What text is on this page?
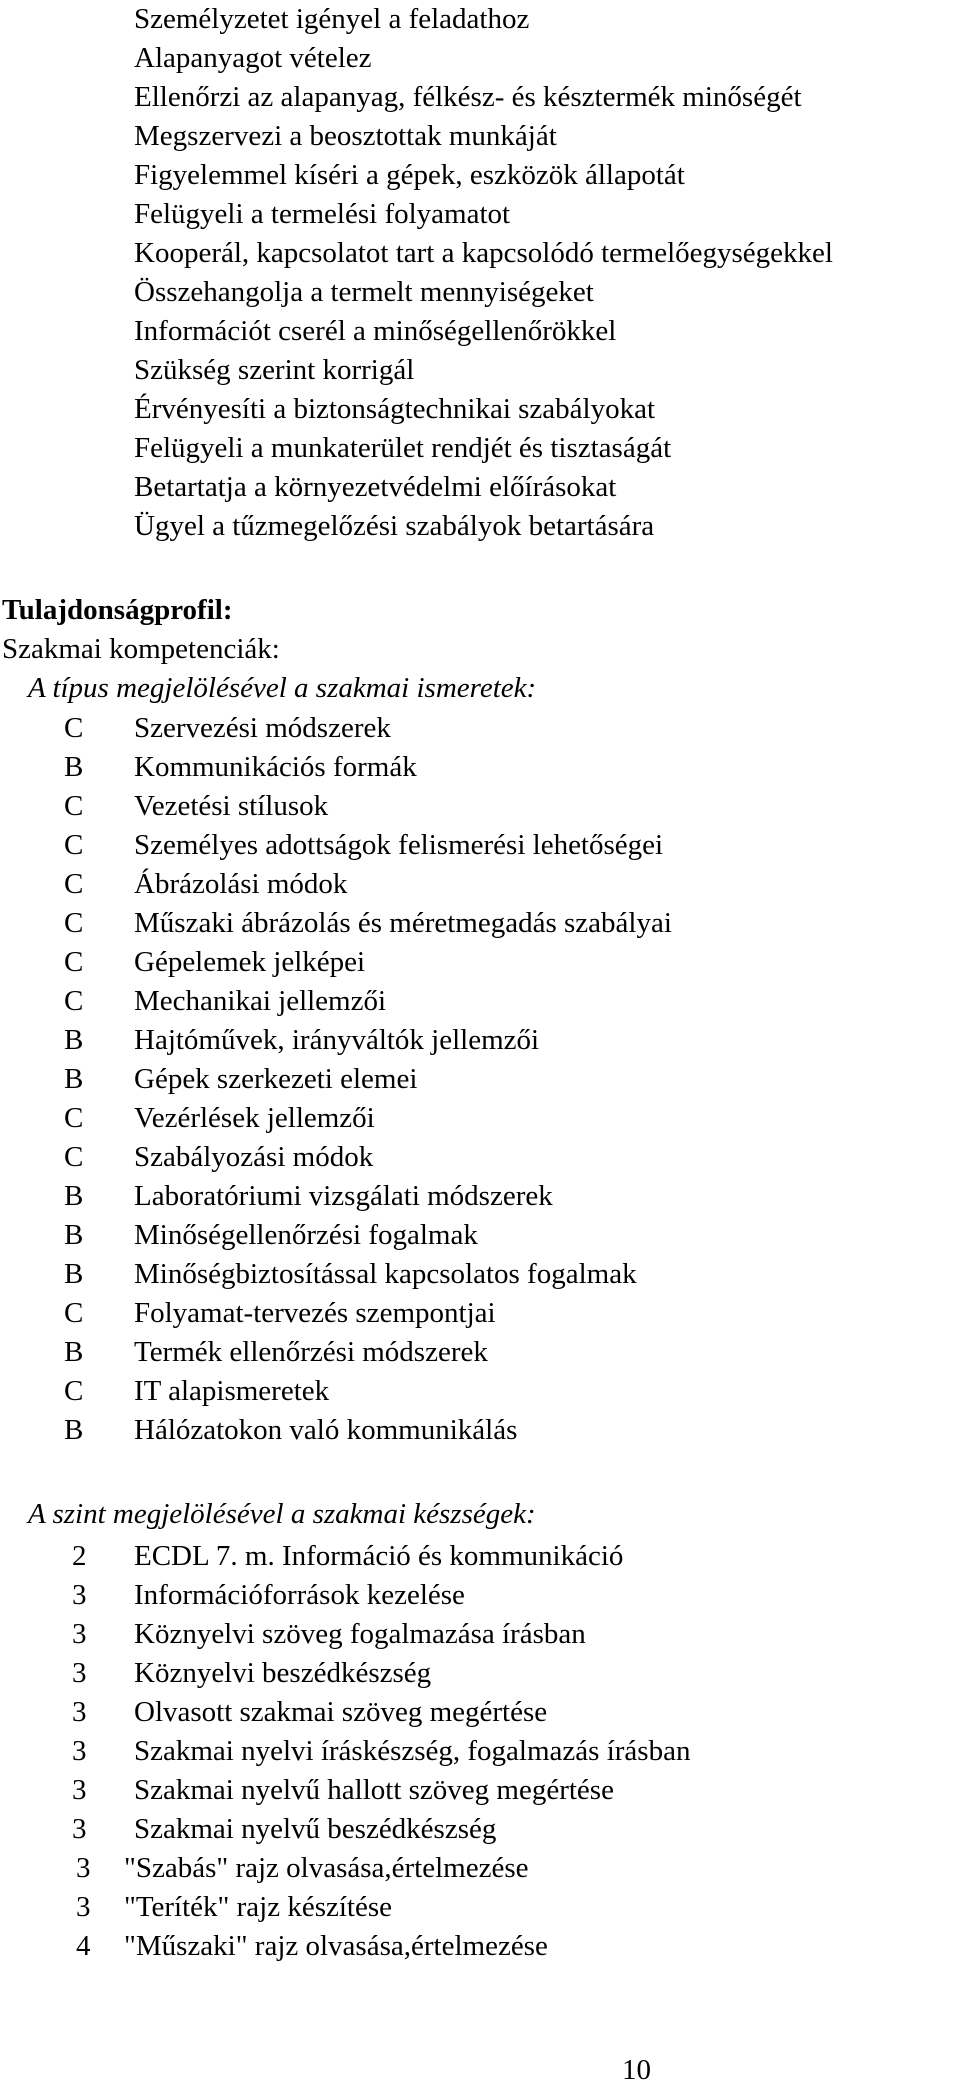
Személyzetet igényel a feladathoz
Alapanyagot vételez
Ellenőrzi az alapanyag, félkész- és késztermék minőségét
Megszervezi a beosztottak munkáját
Figyelemmel kíséri a gépek, eszközök állapotát
Felügyeli a termelési folyamatot
Kooperál, kapcsolatot tart a kapcsolódó termelőegységekkel
Összehangolja a termelt mennyiségeket
Információt cserél a minőségellenőrökkel
Szükség szerint korrigál
Érvényesíti a biztonságtechnikai szabályokat
Felügyeli a munkaterület rendjét és tisztaságát
Betartatja a környezetvédelmi előírásokat
Ügyel a tűzmegelőzési szabályok betartására
Tulajdonságprofil:
Szakmai kompetenciák:
A típus megjelölésével a szakmai ismeretek:
C Szervezési módszerek
B Kommunikációs formák
C Vezetési stílusok
C Személyes adottságok felismerési lehetőségei
C Ábrázolási módok
C Műszaki ábrázolás és méretmegadás szabályai
C Gépelemek jelképei
C Mechanikai jellemzői
B Hajtóművek, irányváltók jellemzői
B Gépek szerkezeti elemei
C Vezérlések jellemzői
C Szabályozási módok
B Laboratóriumi vizsgálati módszerek
B Minőségellenőrzési fogalmak
B Minőségbiztosítással kapcsolatos fogalmak
C Folyamat-tervezés szempontjai
B Termék ellenőrzési módszerek
C IT alapismeretek
B Hálózatokon való kommunikálás
A szint megjelölésével a szakmai készségek:
2 ECDL 7. m. Információ és kommunikáció
3 Információforrások kezelése
3 Köznyelvi szöveg fogalmazása írásban
3 Köznyelvi beszédkészség
3 Olvasott szakmai szöveg megértése
3 Szakmai nyelvi íráskészség, fogalmazás írásban
3 Szakmai nyelvű hallott szöveg megértése
3 Szakmai nyelvű beszédkészség
3 "Szabás" rajz olvasása,értelmezése
3 "Teríték" rajz készítése
4 "Műszaki" rajz olvasása,értelmezése
10
